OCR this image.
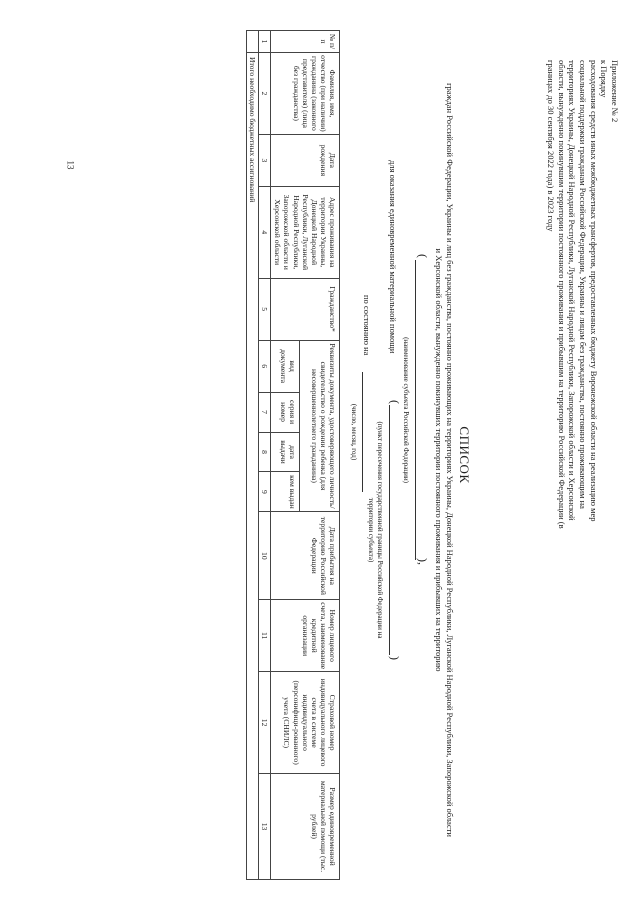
13
Приложение № 2
к Порядку
расходования средств иных межбюджетных трансфертов, предоставленных бюджету Воронежской области на реализацию мер социальной поддержки гражданам Российской Федерации, Украины и лицам без гражданства, постоянно проживающим на территориях Украины, Донецкой Народной Республики, Луганской Народной Республики, Запорожской области и Херсонской области, вынужденно покинувшим территории постоянного проживания и прибывшим на территорию Российской Федерации (в границах до 30 сентября 2022 года) в 2023 году
СПИСОК
граждан Российской Федерации, Украины и лиц без гражданства, постоянно проживающих на территориях Украины, Донецкой Народной Республики, Луганской Народной Республики, Запорожской области и Херсонской области, вынужденно покинувших территории постоянного проживания и прибывших на территорию
(
),
(наименование субъекта Российской Федерации)
для оказания единовременной материальной помощи
(
)
(пункт пересечения государственной границы Российской Федерации на территории субъекта)
по состоянию на
(число, месяц, год)
№ п/п	Фамилия, имя, отчество (при наличии) гражданина (законного представителя) (лица без гражданства)	Дата рождения	Адрес проживания на территории Украины, Донецкой Народной Республики, Луганской Народной Республики, Запорожской области и Херсонской области	Гражданство*	Реквизиты документа, удостоверяющего личность/свидетельство о рождении ребенка (для несовершеннолетнего гражданина)				Дата прибытия на территорию Российской Федерации	Номер лицевого счета, наименование кредитной организации	Страховой номер индивидуального лицевого счета в системе индивидуального (персонифици-рованного) учета (СНИЛС)	Размер единовременной материальной помощи (тыс. рублей)
					вид документа	серия и номер	дата выдачи	кем выдан				
1	2	3	4	5	6	7	8	9	10	11	12	13
	Итого необходимо бюджетных ассигнований											
